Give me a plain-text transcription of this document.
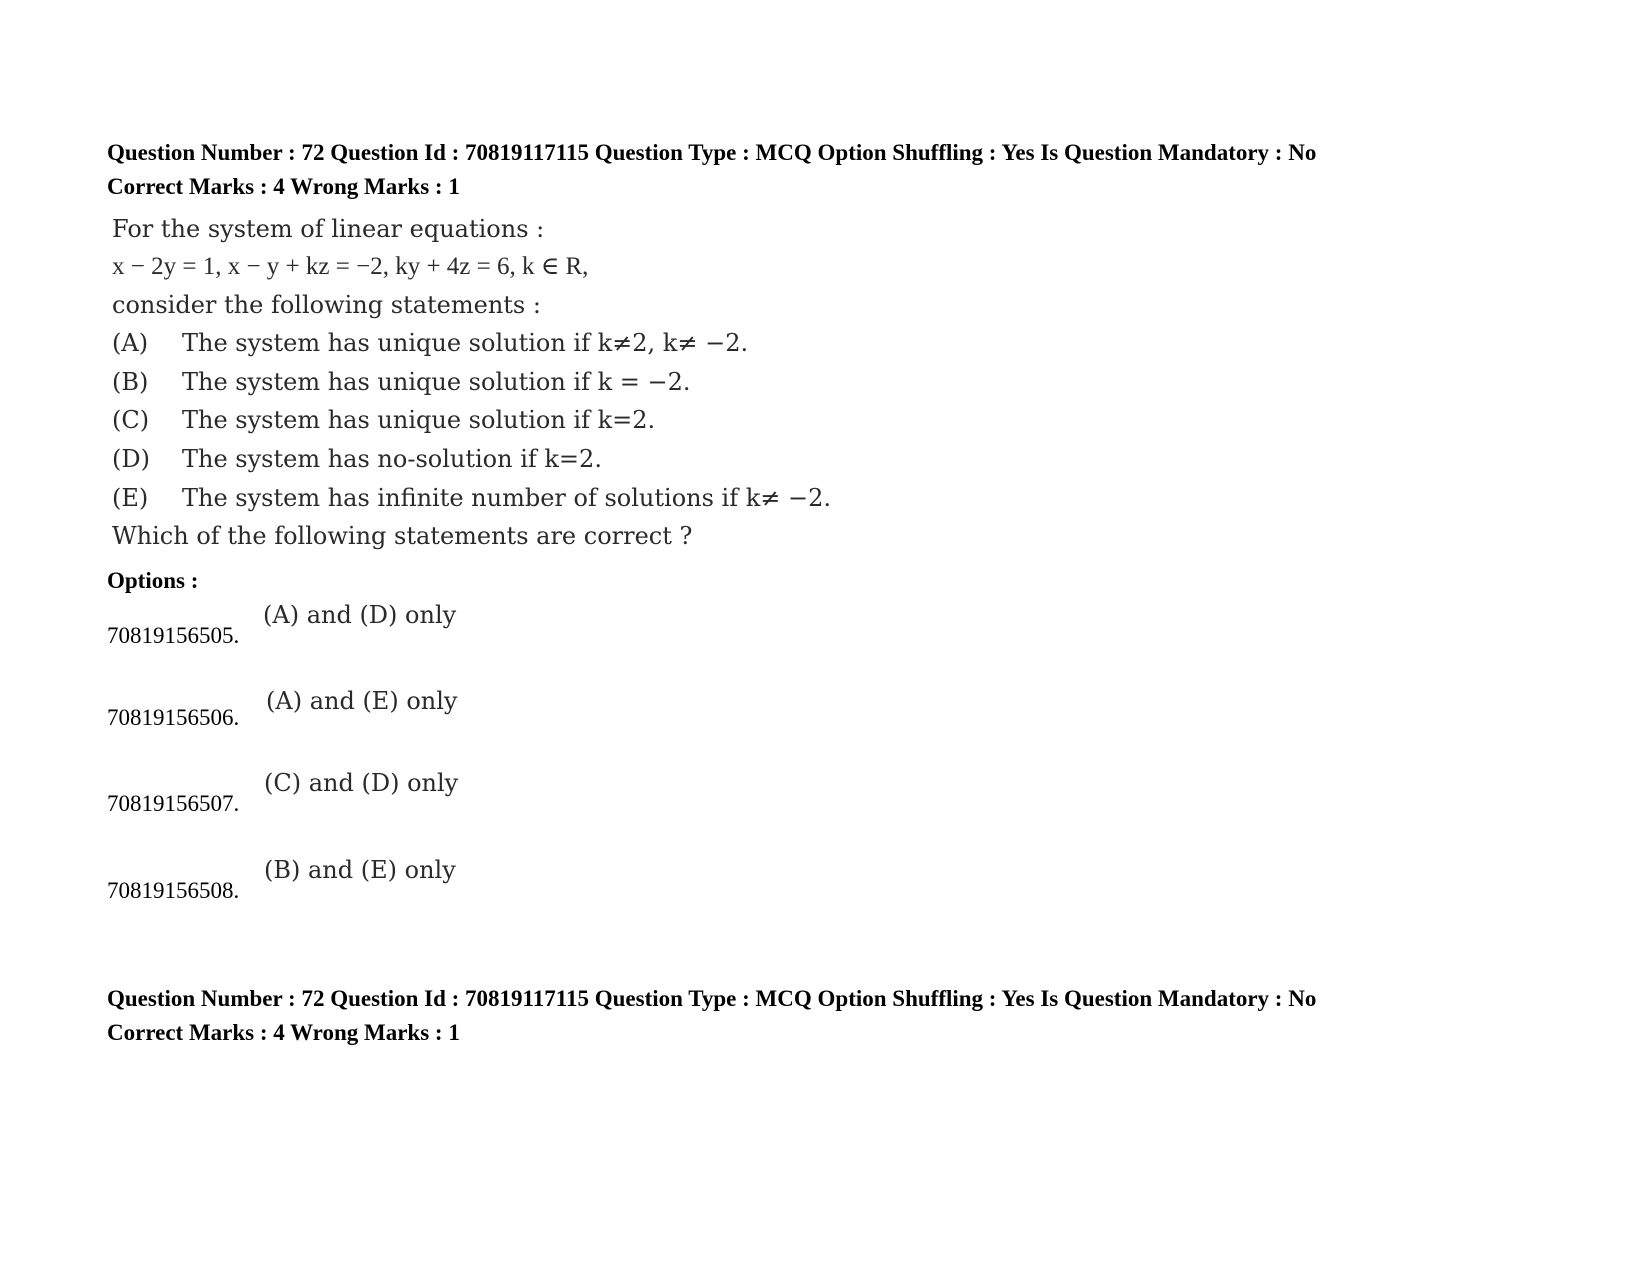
Question Number : 72 Question Id : 70819117115 Question Type : MCQ Option Shuffling : Yes Is Question Mandatory : No
Correct Marks : 4 Wrong Marks : 1
For the system of linear equations :
x − 2y = 1, x − y + kz = −2, ky + 4z = 6, k ∈ R,
consider the following statements :
(A) The system has unique solution if k≠2, k≠ −2.
(B) The system has unique solution if k = −2.
(C) The system has unique solution if k=2.
(D) The system has no-solution if k=2.
(E) The system has infinite number of solutions if k≠ −2.
Which of the following statements are correct ?
Options :
70819156505.
(A) and (D) only
70819156506.
(A) and (E) only
70819156507.
(C) and (D) only
70819156508.
(B) and (E) only
Question Number : 72 Question Id : 70819117115 Question Type : MCQ Option Shuffling : Yes Is Question Mandatory : No
Correct Marks : 4 Wrong Marks : 1
